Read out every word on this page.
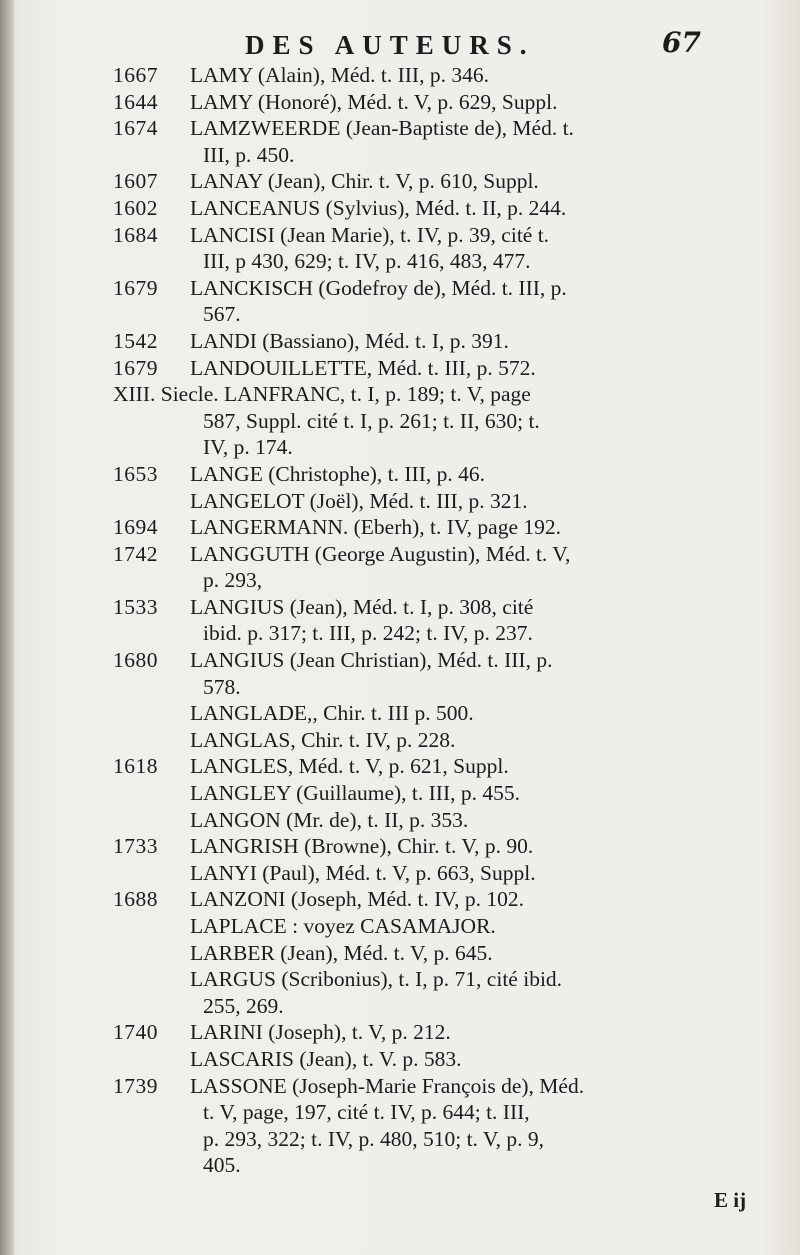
DES AUTEURS.	67
1667	LAMY (Alain), Méd. t. III, p. 346.
1644	LAMY (Honoré), Méd. t. V, p. 629, Suppl.
1674	LAMZWEERDE (Jean-Baptiste de), Méd. t.
III, p. 450.
1607	LANAY (Jean), Chir. t. V, p. 610, Suppl.
1602	LANCEANUS (Sylvius), Méd. t. II, p. 244.
1684	LANCISI (Jean Marie), t. IV, p. 39, cité t.
III, p 430, 629; t. IV, p. 416, 483, 477.
1679	LANCKISCH (Godefroy de), Méd. t. III, p.
567.
1542	LANDI (Bassiano), Méd. t. I, p. 391.
1679	LANDOUILLETTE, Méd. t. III, p. 572.
XIII. Siecle. LANFRANC, t. I, p. 189; t. V, page
587, Suppl. cité t. I, p. 261; t. II, 630; t.
IV, p. 174.
1653	LANGE (Christophe), t. III, p. 46.
LANGELOT (Joël), Méd. t. III, p. 321.
1694	LANGERMANN. (Eberh), t. IV, page 192.
1742	LANGGUTH (George Augustin), Méd. t. V,
p. 293,
1533	LANGIUS (Jean), Méd. t. I, p. 308, cité
ibid. p. 317; t. III, p. 242; t. IV, p. 237.
1680	LANGIUS (Jean Christian), Méd. t. III, p.
578.
LANGLADE,, Chir. t. III p. 500.
LANGLAS, Chir. t. IV, p. 228.
1618	LANGLES, Méd. t. V, p. 621, Suppl.
LANGLEY (Guillaume), t. III, p. 455.
LANGON (Mr. de), t. II, p. 353.
1733	LANGRISH (Browne), Chir. t. V, p. 90.
LANYI (Paul), Méd. t. V, p. 663, Suppl.
1688	LANZONI (Joseph, Méd. t. IV, p. 102.
LAPLACE : voyez CASAMAJOR.
LARBER (Jean), Méd. t. V, p. 645.
LARGUS (Scribonius), t. I, p. 71, cité ibid.
255, 269.
1740	LARINI (Joseph), t. V, p. 212.
LASCARIS (Jean), t. V. p. 583.
1739	LASSONE (Joseph-Marie François de), Méd.
t. V, page, 197, cité t. IV, p. 644; t. III,
p. 293, 322; t. IV, p. 480, 510; t. V, p. 9,
405.
E ij
